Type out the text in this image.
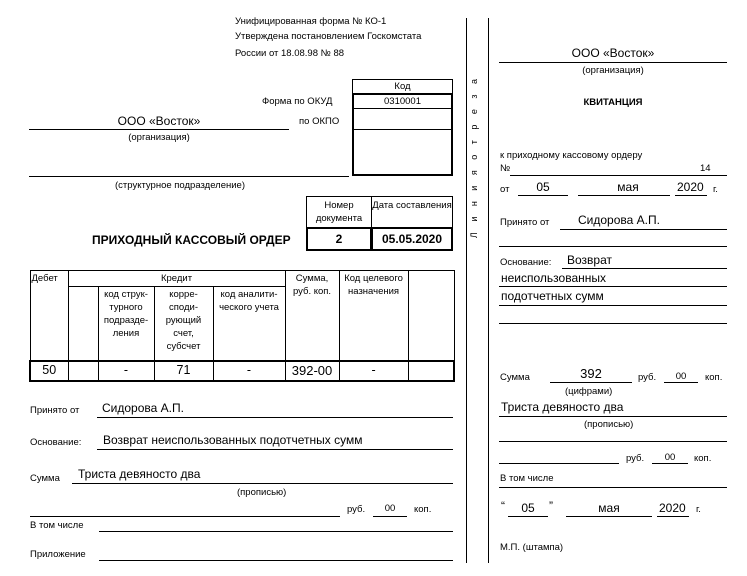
Унифицированная форма № КО-1
Утверждена постановлением Госкомстата
России от 18.08.98 № 88
Код
0310001
Форма по ОКУД
по ОКПО
ООО «Восток»
(организация)
(структурное подразделение)
Номер документа
Дата составления
2	05.05.2020
ПРИХОДНЫЙ КАССОВЫЙ ОРДЕР
Дебет	Кредит				Сумма, руб. коп.	Код целевого назначения	
		код струк-турного подразде-ления	корре-споди-рующий счет, субсчет	код аналити-ческого учета			
50		-	71	-	392-00	-	
Принято от Сидорова А.П.
Основание: Возврат неиспользованных подотчетных сумм
Сумма Триста девяносто два
(прописью)
руб.	00	коп.
В том числе
Приложение
Л и н и я о т р е з а
ООО «Восток»
(организация)
КВИТАНЦИЯ
к приходному кассовому ордеру
№	14
от	05	мая	2020 г.
Принято от Сидорова А.П.
Основание: Возврат
неиспользованных
подотчетных сумм
Сумма	392	руб.	00	коп.
(цифрами)
Триста девяносто два
(прописью)
руб.	00	коп.
В том числе
“	05	”	мая	2020 г.
М.П. (штампа)
